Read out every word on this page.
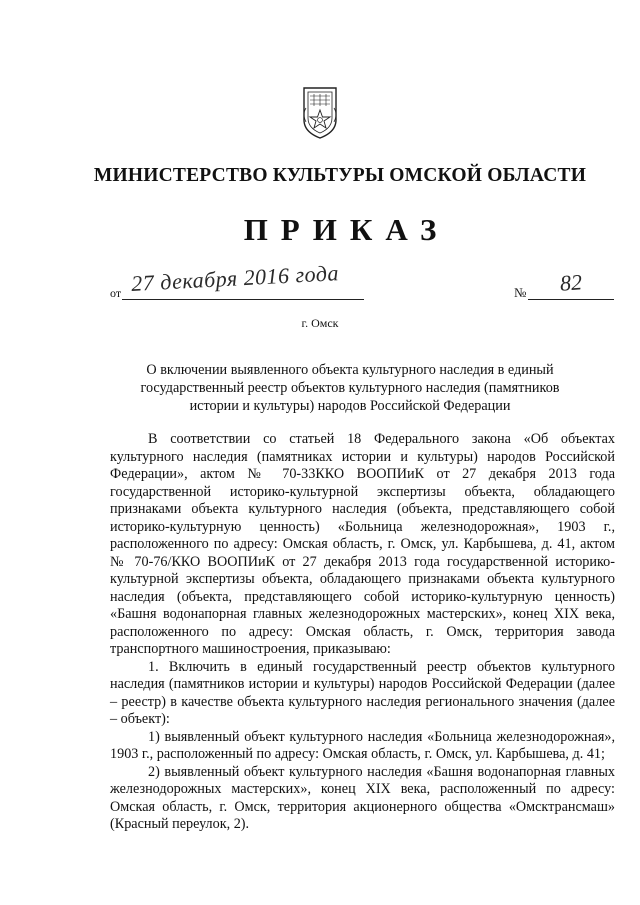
МИНИСТЕРСТВО КУЛЬТУРЫ ОМСКОЙ ОБЛАСТИ
ПРИКАЗ
от 27 декабря 2016 года	№ 82
г. Омск
О включении выявленного объекта культурного наследия в единый государственный реестр объектов культурного наследия (памятников истории и культуры) народов Российской Федерации

В соответствии со статьей 18 Федерального закона «Об объектах культурного наследия (памятниках истории и культуры) народов Российской Федерации», актом № 70-33ККО ВООПИиК от 27 декабря 2013 года государственной историко-культурной экспертизы объекта, обладающего признаками объекта культурного наследия (объекта, представляющего собой историко-культурную ценность) «Больница железнодорожная», 1903 г., расположенного по адресу: Омская область, г. Омск, ул. Карбышева, д. 41, актом № 70-76/ККО ВООПИиК от 27 декабря 2013 года государственной историко-культурной экспертизы объекта, обладающего признаками объекта культурного наследия (объекта, представляющего собой историко-культурную ценность) «Башня водонапорная главных железнодорожных мастерских», конец XIX века, расположенного по адресу: Омская область, г. Омск, территория завода транспортного машиностроения, приказываю:

1. Включить в единый государственный реестр объектов культурного наследия (памятников истории и культуры) народов Российской Федерации (далее – реестр) в качестве объекта культурного наследия регионального значения (далее – объект):

1) выявленный объект культурного наследия «Больница железнодорожная», 1903 г., расположенный по адресу: Омская область, г. Омск, ул. Карбышева, д. 41;

2) выявленный объект культурного наследия «Башня водонапорная главных железнодорожных мастерских», конец XIX века, расположенный по адресу: Омская область, г. Омск, территория акционерного общества «Омсктрансмаш» (Красный переулок, 2).
